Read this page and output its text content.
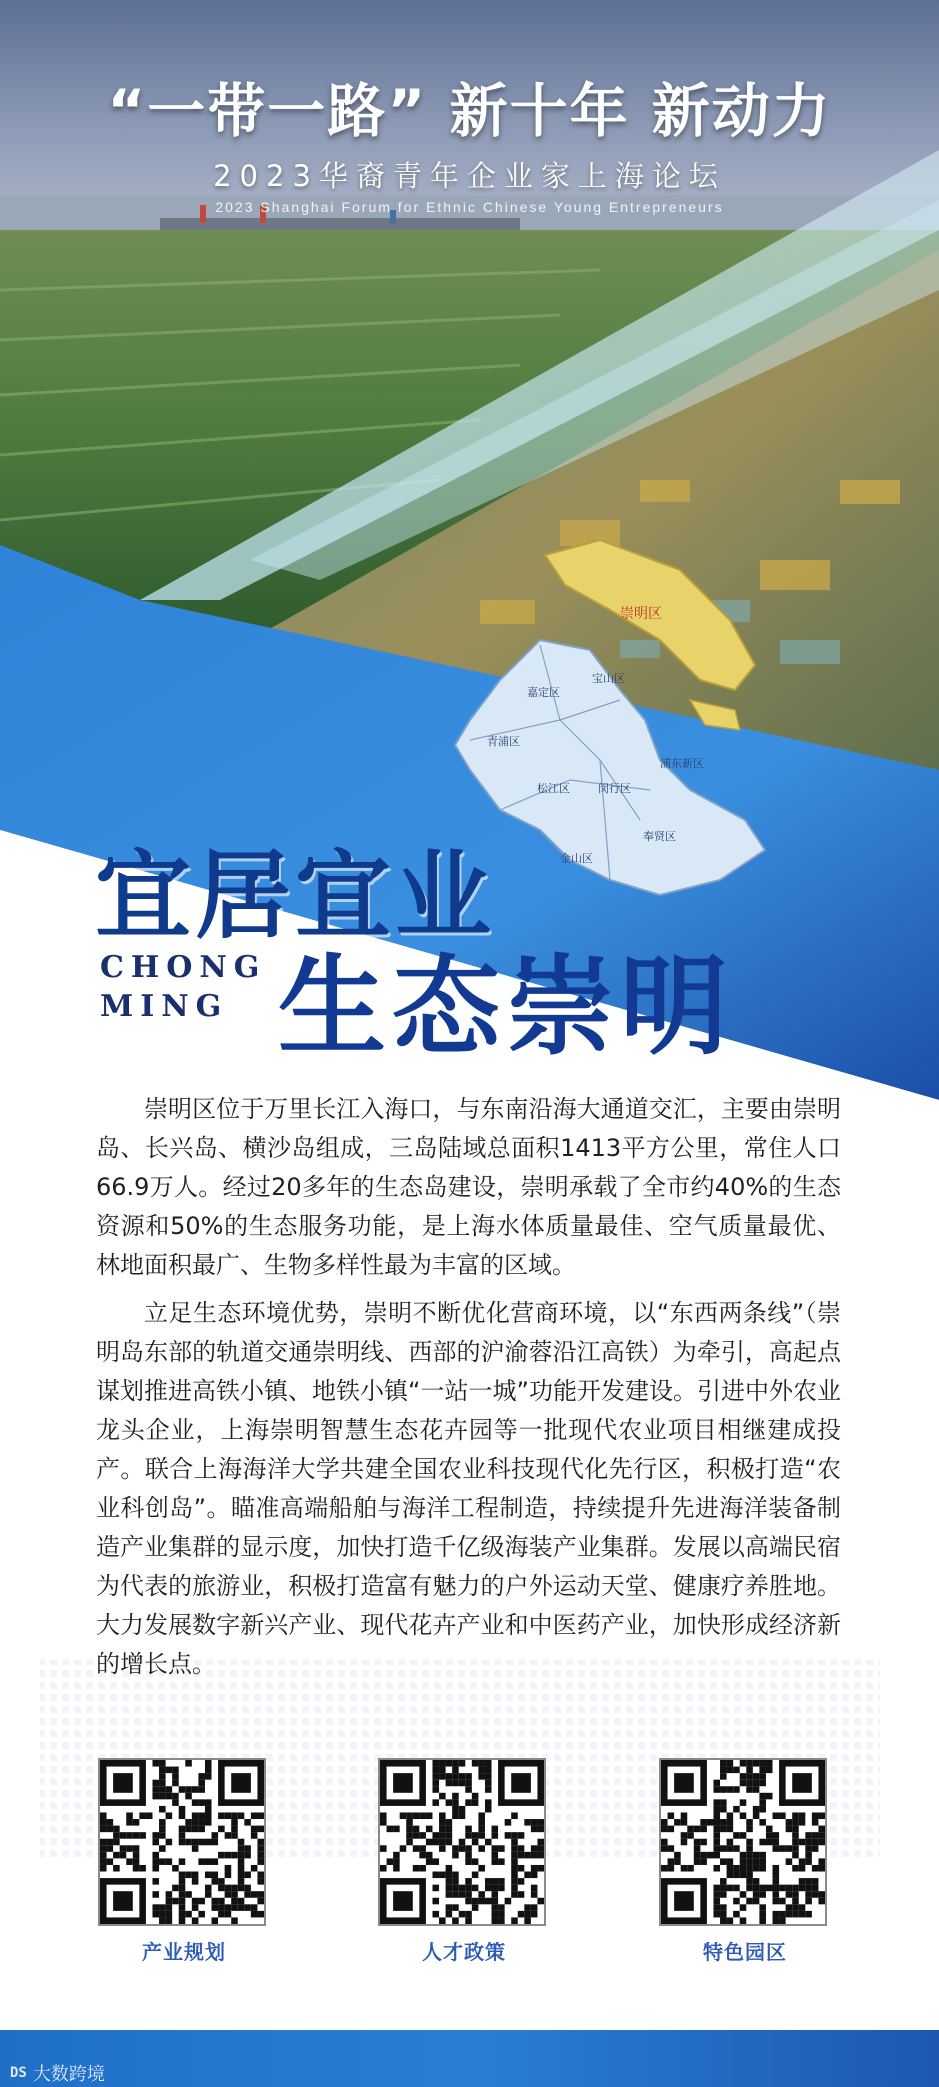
“一带一路” 新十年 新动力
2023华裔青年企业家上海论坛
2023 Shanghai Forum for Ethnic Chinese Young Entrepreneurs
崇明区
宝山区
嘉定区
青浦区
松江区	闵行区
浦东新区
奉贤区
金山区
宜居宜业
CHONG
MING 生态崇明

崇明区位于万里长江入海口，与东南沿海大通道交汇，主要由崇明岛、长兴岛、横沙岛组成，三岛陆域总面积1413平方公里，常住人口66.9万人。经过20多年的生态岛建设，崇明承载了全市约40%的生态资源和50%的生态服务功能，是上海水体质量最佳、空气质量最优、林地面积最广、生物多样性最为丰富的区域。

立足生态环境优势，崇明不断优化营商环境，以“东西两条线”（崇明岛东部的轨道交通崇明线、西部的沪渝蓉沿江高铁）为牵引，高起点谋划推进高铁小镇、地铁小镇“一站一城”功能开发建设。引进中外农业龙头企业，上海崇明智慧生态花卉园等一批现代农业项目相继建成投产。联合上海海洋大学共建全国农业科技现代化先行区，积极打造“农业科创岛”。瞄准高端船舶与海洋工程制造，持续提升先进海洋装备制造产业集群的显示度，加快打造千亿级海装产业集群。发展以高端民宿为代表的旅游业，积极打造富有魅力的户外运动天堂、健康疗养胜地。大力发展数字新兴产业、现代花卉产业和中医药产业，加快形成经济新的增长点。

产业规划	人才政策	特色园区
DS 大数跨境
